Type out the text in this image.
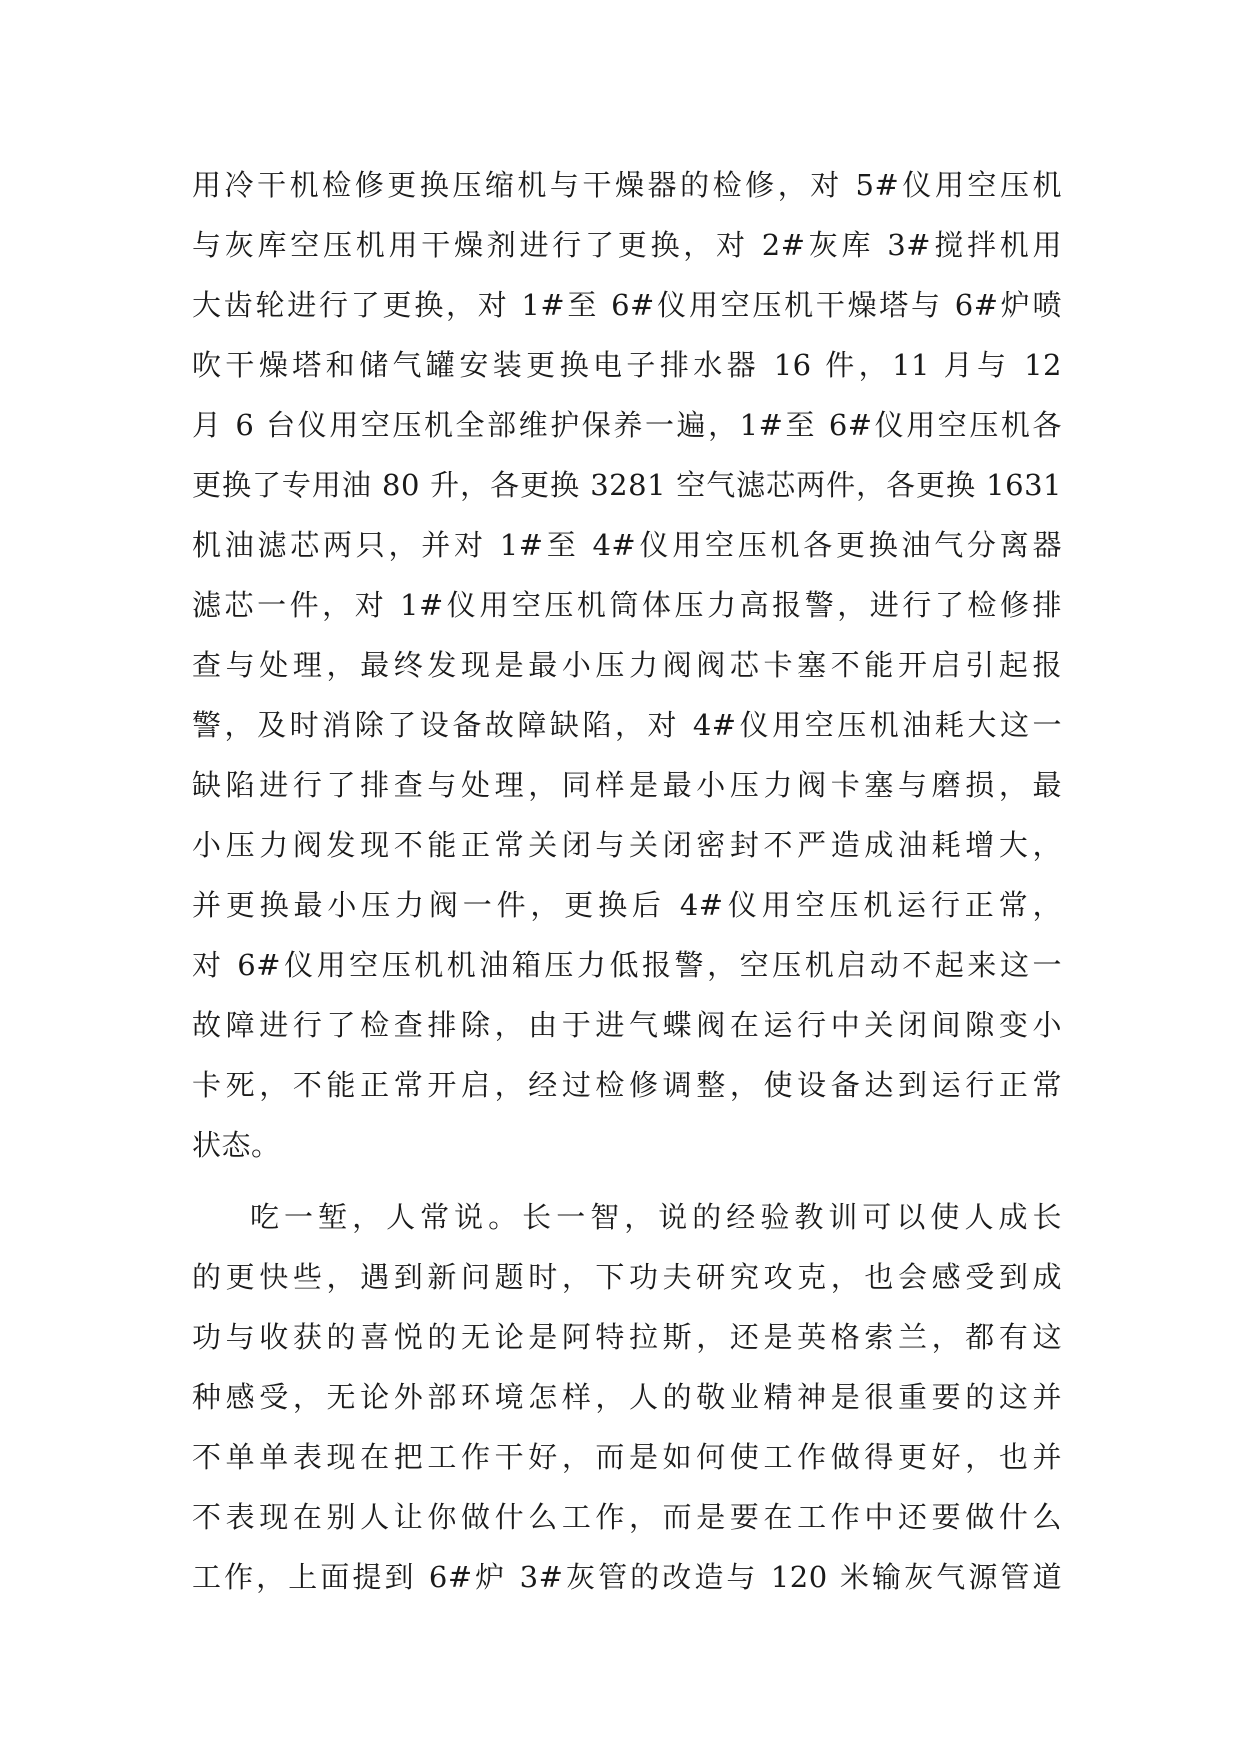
用冷干机检修更换压缩机与干燥器的检修，对 5#仪用空压机
与灰库空压机用干燥剂进行了更换，对 2#灰库 3#搅拌机用
大齿轮进行了更换，对 1#至 6#仪用空压机干燥塔与 6#炉喷
吹干燥塔和储气罐安装更换电子排水器 16 件，11 月与 12
月 6 台仪用空压机全部维护保养一遍，1#至 6#仪用空压机各
更换了专用油 80 升，各更换 3281 空气滤芯两件，各更换 1631
机油滤芯两只，并对 1#至 4#仪用空压机各更换油气分离器
滤芯一件，对 1#仪用空压机筒体压力高报警，进行了检修排
查与处理，最终发现是最小压力阀阀芯卡塞不能开启引起报
警，及时消除了设备故障缺陷，对 4#仪用空压机油耗大这一
缺陷进行了排查与处理，同样是最小压力阀卡塞与磨损，最
小压力阀发现不能正常关闭与关闭密封不严造成油耗增大，
并更换最小压力阀一件，更换后 4#仪用空压机运行正常，
对 6#仪用空压机机油箱压力低报警，空压机启动不起来这一
故障进行了检查排除，由于进气蝶阀在运行中关闭间隙变小
卡死，不能正常开启，经过检修调整，使设备达到运行正常
状态。
吃一堑，人常说。长一智，说的经验教训可以使人成长
的更快些，遇到新问题时，下功夫研究攻克，也会感受到成
功与收获的喜悦的无论是阿特拉斯，还是英格索兰，都有这
种感受，无论外部环境怎样，人的敬业精神是很重要的这并
不单单表现在把工作干好，而是如何使工作做得更好，也并
不表现在别人让你做什么工作，而是要在工作中还要做什么
工作，上面提到 6#炉 3#灰管的改造与 120 米输灰气源管道
